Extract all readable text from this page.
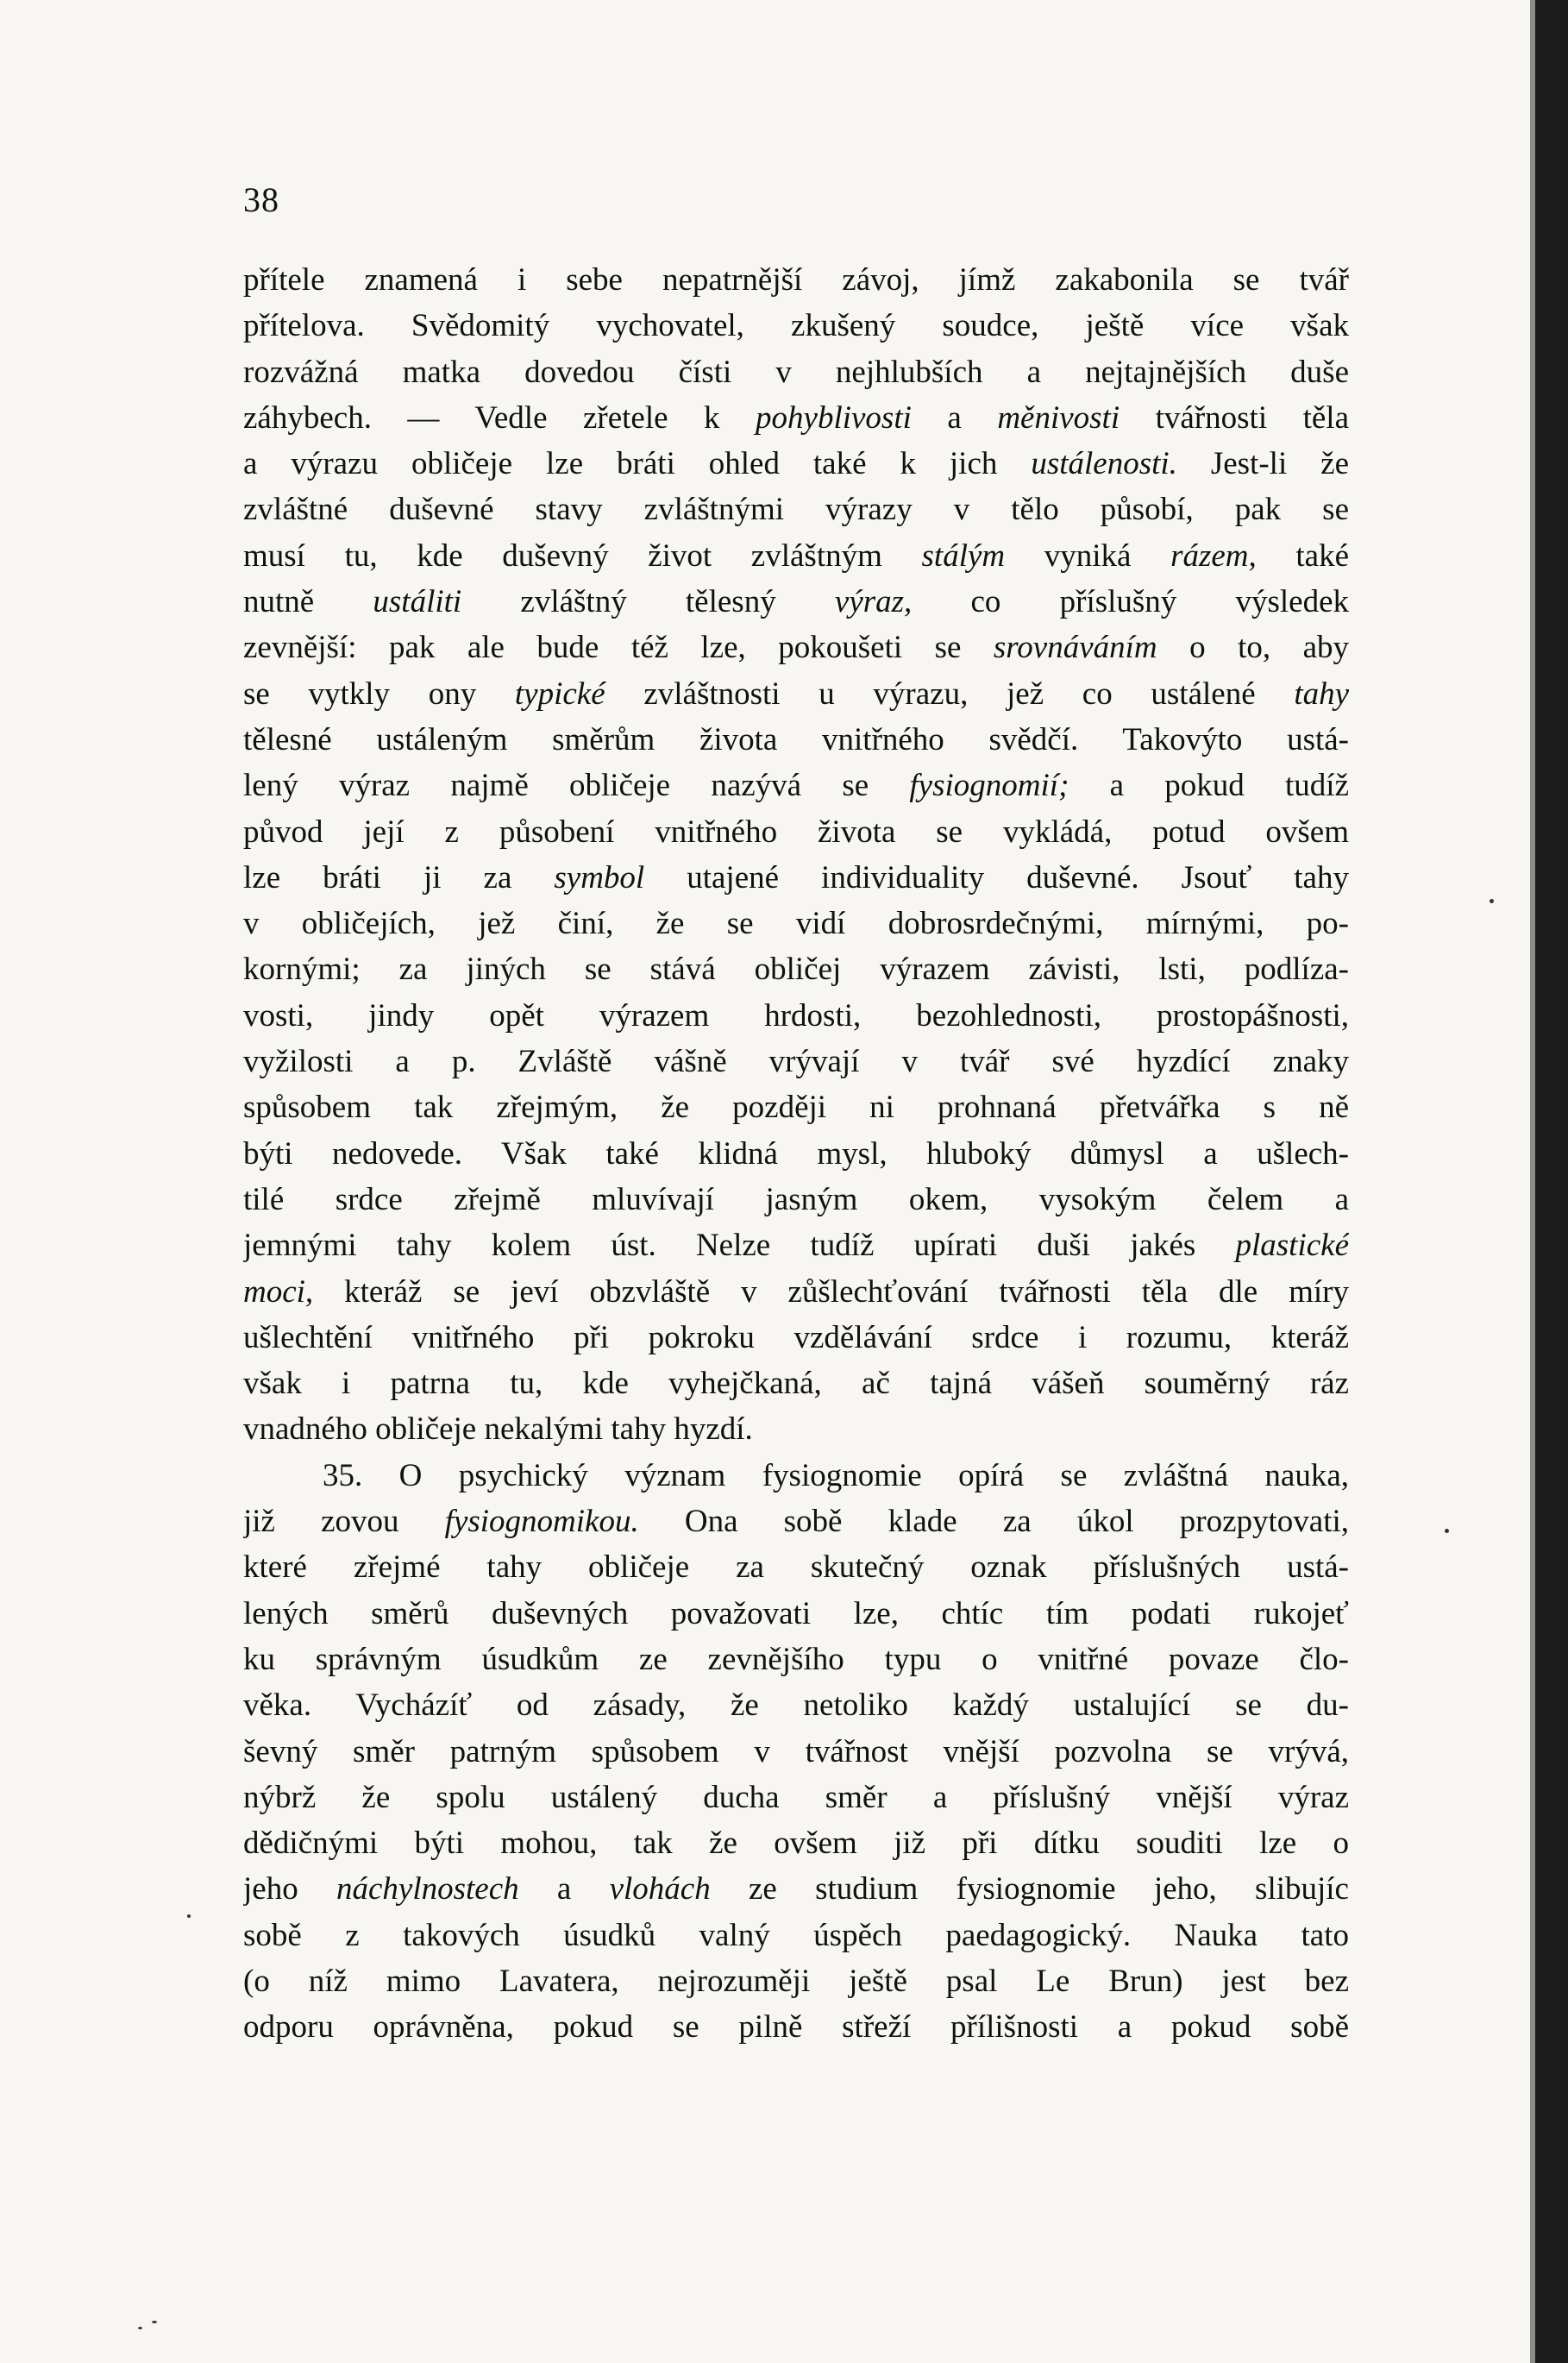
38

přítele znamená i sebe nepatrnější závoj, jímž zakabonila se tvář
přítelova. Svědomitý vychovatel, zkušený soudce, ještě více však
rozvážná matka dovedou čísti v nejhlubších a nejtajnějších duše
záhybech. — Vedle zřetele k pohyblivosti a měnivosti tvářnosti těla
a výrazu obličeje lze bráti ohled také k jich ustálenosti. Jest-li že
zvláštné duševné stavy zvláštnými výrazy v tělo působí, pak se
musí tu, kde duševný život zvláštným stálým vyniká rázem, také
nutně ustáliti zvláštný tělesný výraz, co příslušný výsledek
zevnější: pak ale bude též lze, pokoušeti se srovnáváním o to, aby
se vytkly ony typické zvláštnosti u výrazu, jež co ustálené tahy
tělesné ustáleným směrům života vnitřného svědčí. Takovýto ustá-
lený výraz najmě obličeje nazývá se fysiognomií; a pokud tudíž
původ její z působení vnitřného života se vykládá, potud ovšem
lze bráti ji za symbol utajené individuality duševné. Jsouť tahy
v obličejích, jež činí, že se vidí dobrosrdečnými, mírnými, po-
kornými; za jiných se stává obličej výrazem závisti, lsti, podlíza-
vosti, jindy opět výrazem hrdosti, bezohlednosti, prostopášnosti,
vyžilosti a p. Zvláště vášně vrývají v tvář své hyzdící znaky
spůsobem tak zřejmým, že později ni prohnaná přetvářka s ně
býti nedovede. Však také klidná mysl, hluboký důmysl a ušlech-
tilé srdce zřejmě mluvívají jasným okem, vysokým čelem a
jemnými tahy kolem úst. Nelze tudíž upírati duši jakés plastické
moci, kteráž se jeví obzvláště v zůšlechťování tvářnosti těla dle míry
ušlechtění vnitřného při pokroku vzdělávání srdce i rozumu, kteráž
však i patrna tu, kde vyhejčkaná, ač tajná vášeň souměrný ráz
vnadného obličeje nekalými tahy hyzdí.
35. O psychický význam fysiognomie opírá se zvláštná nauka,
již zovou fysiognomikou. Ona sobě klade za úkol prozpytovati,
které zřejmé tahy obličeje za skutečný oznak příslušných ustá-
lených směrů duševných považovati lze, chtíc tím podati rukojeť
ku správným úsudkům ze zevnějšího typu o vnitřné povaze člo-
věka. Vycházíť od zásady, že netoliko každý ustalující se du-
ševný směr patrným spůsobem v tvářnost vnější pozvolna se vrývá,
nýbrž že spolu ustálený ducha směr a příslušný vnější výraz
dědičnými býti mohou, tak že ovšem již při dítku souditi lze o
jeho náchylnostech a vlohách ze studium fysiognomie jeho, slibujíc
sobě z takových úsudků valný úspěch paedagogický. Nauka tato
(o níž mimo Lavatera, nejrozuměji ještě psal Le Brun) jest bez
odporu oprávněna, pokud se pilně střeží přílišnosti a pokud sobě
